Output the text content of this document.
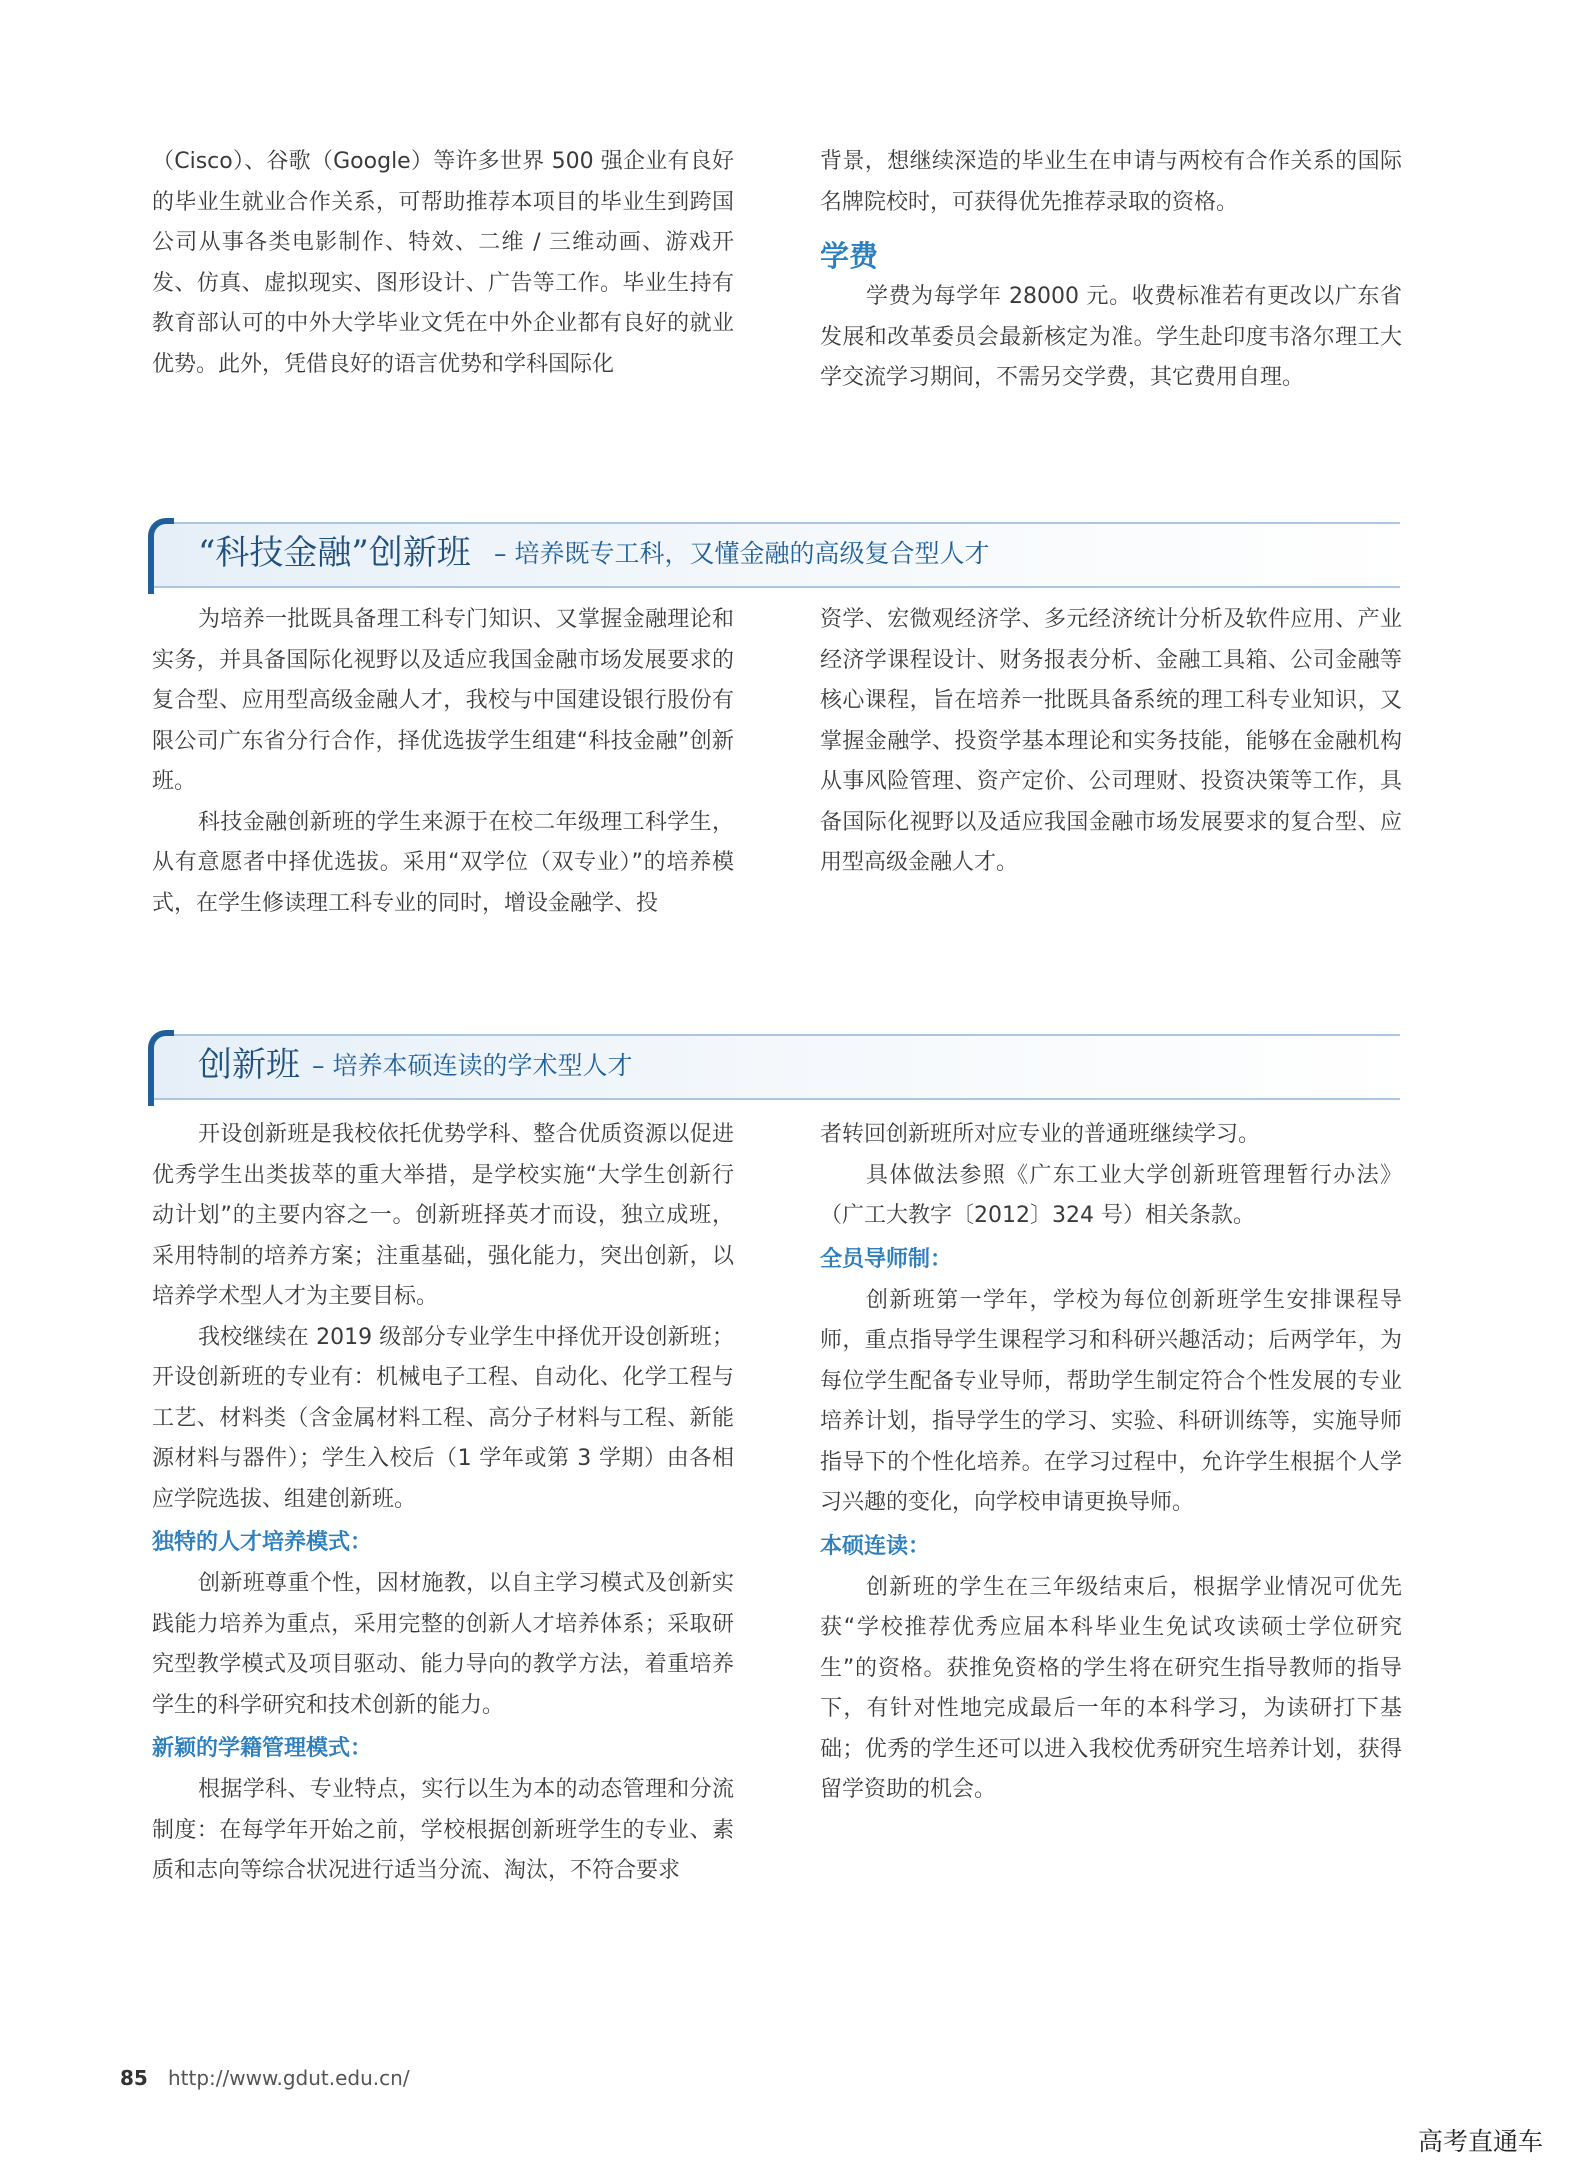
（Cisco）、谷歌（Google）等许多世界 500 强企业有良好的毕业生就业合作关系，可帮助推荐本项目的毕业生到跨国公司从事各类电影制作、特效、二维 / 三维动画、游戏开发、仿真、虚拟现实、图形设计、广告等工作。毕业生持有教育部认可的中外大学毕业文凭在中外企业都有良好的就业优势。此外，凭借良好的语言优势和学科国际化

背景，想继续深造的毕业生在申请与两校有合作关系的国际名牌院校时，可获得优先推荐录取的资格。

学费

学费为每学年 28000 元。收费标准若有更改以广东省发展和改革委员会最新核定为准。学生赴印度韦洛尔理工大学交流学习期间，不需另交学费，其它费用自理。

“科技金融”创新班 – 培养既专工科，又懂金融的高级复合型人才

为培养一批既具备理工科专门知识、又掌握金融理论和实务，并具备国际化视野以及适应我国金融市场发展要求的复合型、应用型高级金融人才，我校与中国建设银行股份有限公司广东省分行合作，择优选拔学生组建“科技金融”创新班。

科技金融创新班的学生来源于在校二年级理工科学生，从有意愿者中择优选拔。采用“双学位（双专业）”的培养模式，在学生修读理工科专业的同时，增设金融学、投

资学、宏微观经济学、多元经济统计分析及软件应用、产业经济学课程设计、财务报表分析、金融工具箱、公司金融等核心课程，旨在培养一批既具备系统的理工科专业知识，又掌握金融学、投资学基本理论和实务技能，能够在金融机构从事风险管理、资产定价、公司理财、投资决策等工作，具备国际化视野以及适应我国金融市场发展要求的复合型、应用型高级金融人才。

创新班 – 培养本硕连读的学术型人才

开设创新班是我校依托优势学科、整合优质资源以促进优秀学生出类拔萃的重大举措，是学校实施“大学生创新行动计划”的主要内容之一。创新班择英才而设，独立成班，采用特制的培养方案；注重基础，强化能力，突出创新，以培养学术型人才为主要目标。

我校继续在 2019 级部分专业学生中择优开设创新班；开设创新班的专业有：机械电子工程、自动化、化学工程与工艺、材料类（含金属材料工程、高分子材料与工程、新能源材料与器件）；学生入校后（1 学年或第 3 学期）由各相应学院选拔、组建创新班。

独特的人才培养模式：

创新班尊重个性，因材施教，以自主学习模式及创新实践能力培养为重点，采用完整的创新人才培养体系；采取研究型教学模式及项目驱动、能力导向的教学方法，着重培养学生的科学研究和技术创新的能力。

新颖的学籍管理模式：

根据学科、专业特点，实行以生为本的动态管理和分流制度：在每学年开始之前，学校根据创新班学生的专业、素质和志向等综合状况进行适当分流、淘汰，不符合要求

者转回创新班所对应专业的普通班继续学习。

具体做法参照《广东工业大学创新班管理暂行办法》（广工大教字〔2012〕324 号）相关条款。

全员导师制：

创新班第一学年，学校为每位创新班学生安排课程导师，重点指导学生课程学习和科研兴趣活动；后两学年，为每位学生配备专业导师，帮助学生制定符合个性发展的专业培养计划，指导学生的学习、实验、科研训练等，实施导师指导下的个性化培养。在学习过程中，允许学生根据个人学习兴趣的变化，向学校申请更换导师。

本硕连读：

创新班的学生在三年级结束后，根据学业情况可优先获“学校推荐优秀应届本科毕业生免试攻读硕士学位研究生”的资格。获推免资格的学生将在研究生指导教师的指导下，有针对性地完成最后一年的本科学习，为读研打下基础；优秀的学生还可以进入我校优秀研究生培养计划，获得留学资助的机会。

85 http://www.gdut.edu.cn/
高考直通车
